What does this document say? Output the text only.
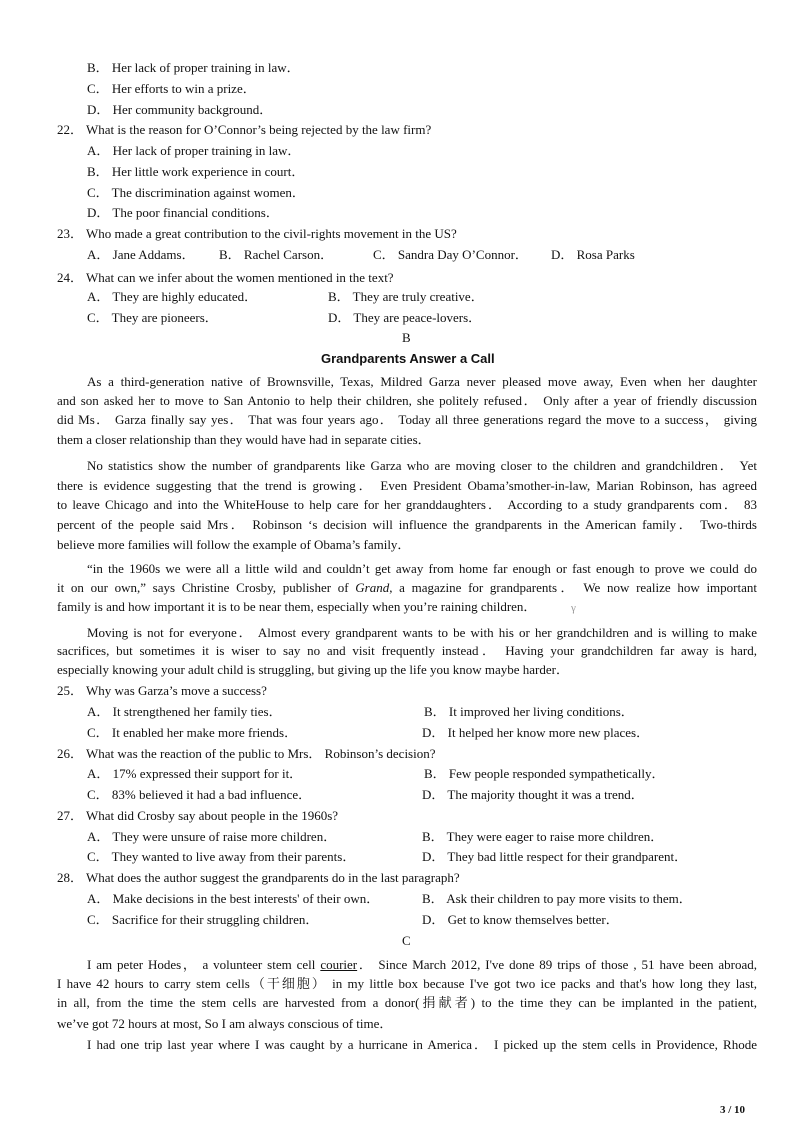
B． Her lack of proper training in law．
C． Her efforts to win a prize．
D． Her community background．
22． What is the reason for O’Connor’s being rejected by the law firm?
A． Her lack of proper training in law．
B． Her little work experience in court．
C． The discrimination against women．
D． The poor financial conditions．
23． Who made a great contribution to the civil-rights movement in the US?
A． Jane Addams． B． Rachel Carson．	C． Sandra Day O’Connor． D． Rosa Parks
24． What can we infer about the women mentioned in the text?
A． They are highly educated．	B． They are truly creative．
C． They are pioneers．	D． They are peace-lovers．
B
Grandparents Answer a Call
As a third-generation native of Brownsville, Texas, Mildred Garza never pleased move away, Even when her daughter
and son asked her to move to San Antonio to help their children, she politely refused． Only after a year of friendly discussion
did Ms． Garza finally say yes． That was four years ago． Today all three generations regard the move to a success， giving
them a closer relationship than they would have had in separate cities．
No statistics show the number of grandparents like Garza who are moving closer to the children and grandchildren． Yet
there is evidence suggesting that the trend is growing． Even President Obama’smother-in-law, Marian Robinson, has agreed
to leave Chicago and into the WhiteHouse to help care for her granddaughters． According to a study grandparents com． 83
percent of the people said Mrs． Robinson ‘s decision will influence the grandparents in the American family． Two-thirds
believe more families will follow the example of Obama’s family．
“in the 1960s we were all a little wild and couldn’t get away from home far enough or fast enough to prove we could do
it on our own,” says Christine Crosby, publisher of Grand, a magazine for grandparents． We now realize how important
family is and how important it is to be near them, especially when you’re raining children．	γ
Moving is not for everyone． Almost every grandparent wants to be with his or her grandchildren and is willing to make
sacrifices, but sometimes it is wiser to say no and visit frequently instead． Having your grandchildren far away is hard,
especially knowing your adult child is struggling, but giving up the life you know maybe harder．
25． Why was Garza’s move a success?
A． It strengthened her family ties．	B． It improved her living conditions．
C． It enabled her make more friends．	D． It helped her know more new places．
26． What was the reaction of the public to Mrs． Robinson’s decision?
A． 17% expressed their support for it．	B． Few people responded sympathetically．
C． 83% believed it had a bad influence．	D． The majority thought it was a trend．
27． What did Crosby say about people in the 1960s?
A． They were unsure of raise more children．	B． They were eager to raise more children．
C． They wanted to live away from their parents．	D． They bad little respect for their grandparent．
28． What does the author suggest the grandparents do in the last paragraph?
A． Make decisions in the best interests' of their own．	B． Ask their children to pay more visits to them．
C． Sacrifice for their struggling children．	D． Get to know themselves better．
C
I am peter Hodes， a volunteer stem cell courier． Since March 2012, I've done 89 trips of those , 51 have been abroad,
I have 42 hours to carry stem cells（干细胞） in my little box because I've got two ice packs and that's how long they last,
in all, from the time the stem cells are harvested from a donor(捐献者) to the time they can be implanted in the patient,
we’ve got 72 hours at most, So I am always conscious of time．
I had one trip last year where I was caught by a hurricane in America． I picked up the stem cells in Providence, Rhode
3 / 10
